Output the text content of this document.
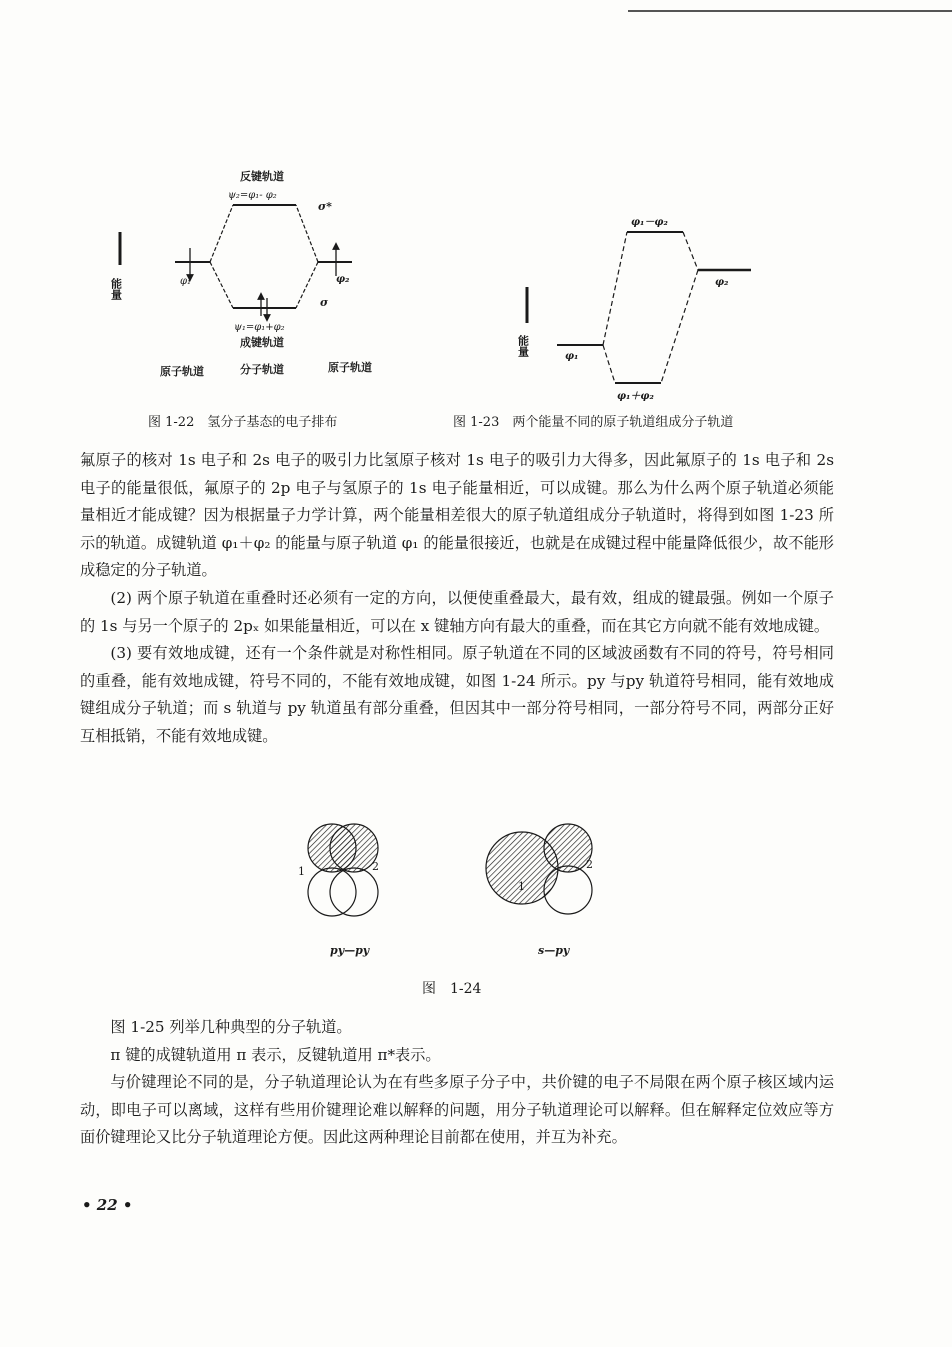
能量
反键轨道
ψ₂=φ₁- φ₂
σ*
φ₁	φ₂
σ
ψ₁=φ₁+φ₂
成键轨道
原子轨道	分子轨道	原子轨道
图 1-22　氢分子基态的电子排布
能量
φ₁－φ₂
φ₂
φ₁
φ₁＋φ₂
图 1-23　两个能量不同的原子轨道组成分子轨道

氟原子的核对 1s 电子和 2s 电子的吸引力比氢原子核对 1s 电子的吸引力大得多，因此氟原子的 1s 电子和 2s 电子的能量很低，氟原子的 2p 电子与氢原子的 1s 电子能量相近，可以成键。那么为什么两个原子轨道必须能量相近才能成键？因为根据量子力学计算，两个能量相差很大的原子轨道组成分子轨道时，将得到如图 1-23 所示的轨道。成键轨道 φ₁＋φ₂ 的能量与原子轨道 φ₁ 的能量很接近，也就是在成键过程中能量降低很少，故不能形成稳定的分子轨道。

(2) 两个原子轨道在重叠时还必须有一定的方向，以便使重叠最大，最有效，组成的键最强。例如一个原子的 1s 与另一个原子的 2pₓ 如果能量相近，可以在 x 键轴方向有最大的重叠，而在其它方向就不能有效地成键。

(3) 要有效地成键，还有一个条件就是对称性相同。原子轨道在不同的区域波函数有不同的符号，符号相同的重叠，能有效地成键，符号不同的，不能有效地成键，如图 1-24 所示。py 与py 轨道符号相同，能有效地成键组成分子轨道；而 s 轨道与 py 轨道虽有部分重叠，但因其中一部分符号相同，一部分符号不同，两部分正好互相抵销，不能有效地成键。

1	2
py—py
1
2
s—py
图　1-24

图 1-25 列举几种典型的分子轨道。

π 键的成键轨道用 π 表示，反键轨道用 π*表示。

与价键理论不同的是，分子轨道理论认为在有些多原子分子中，共价键的电子不局限在两个原子核区域内运动，即电子可以离域，这样有些用价键理论难以解释的问题，用分子轨道理论可以解释。但在解释定位效应等方面价键理论又比分子轨道理论方便。因此这两种理论目前都在使用，并互为补充。

• 22 •
